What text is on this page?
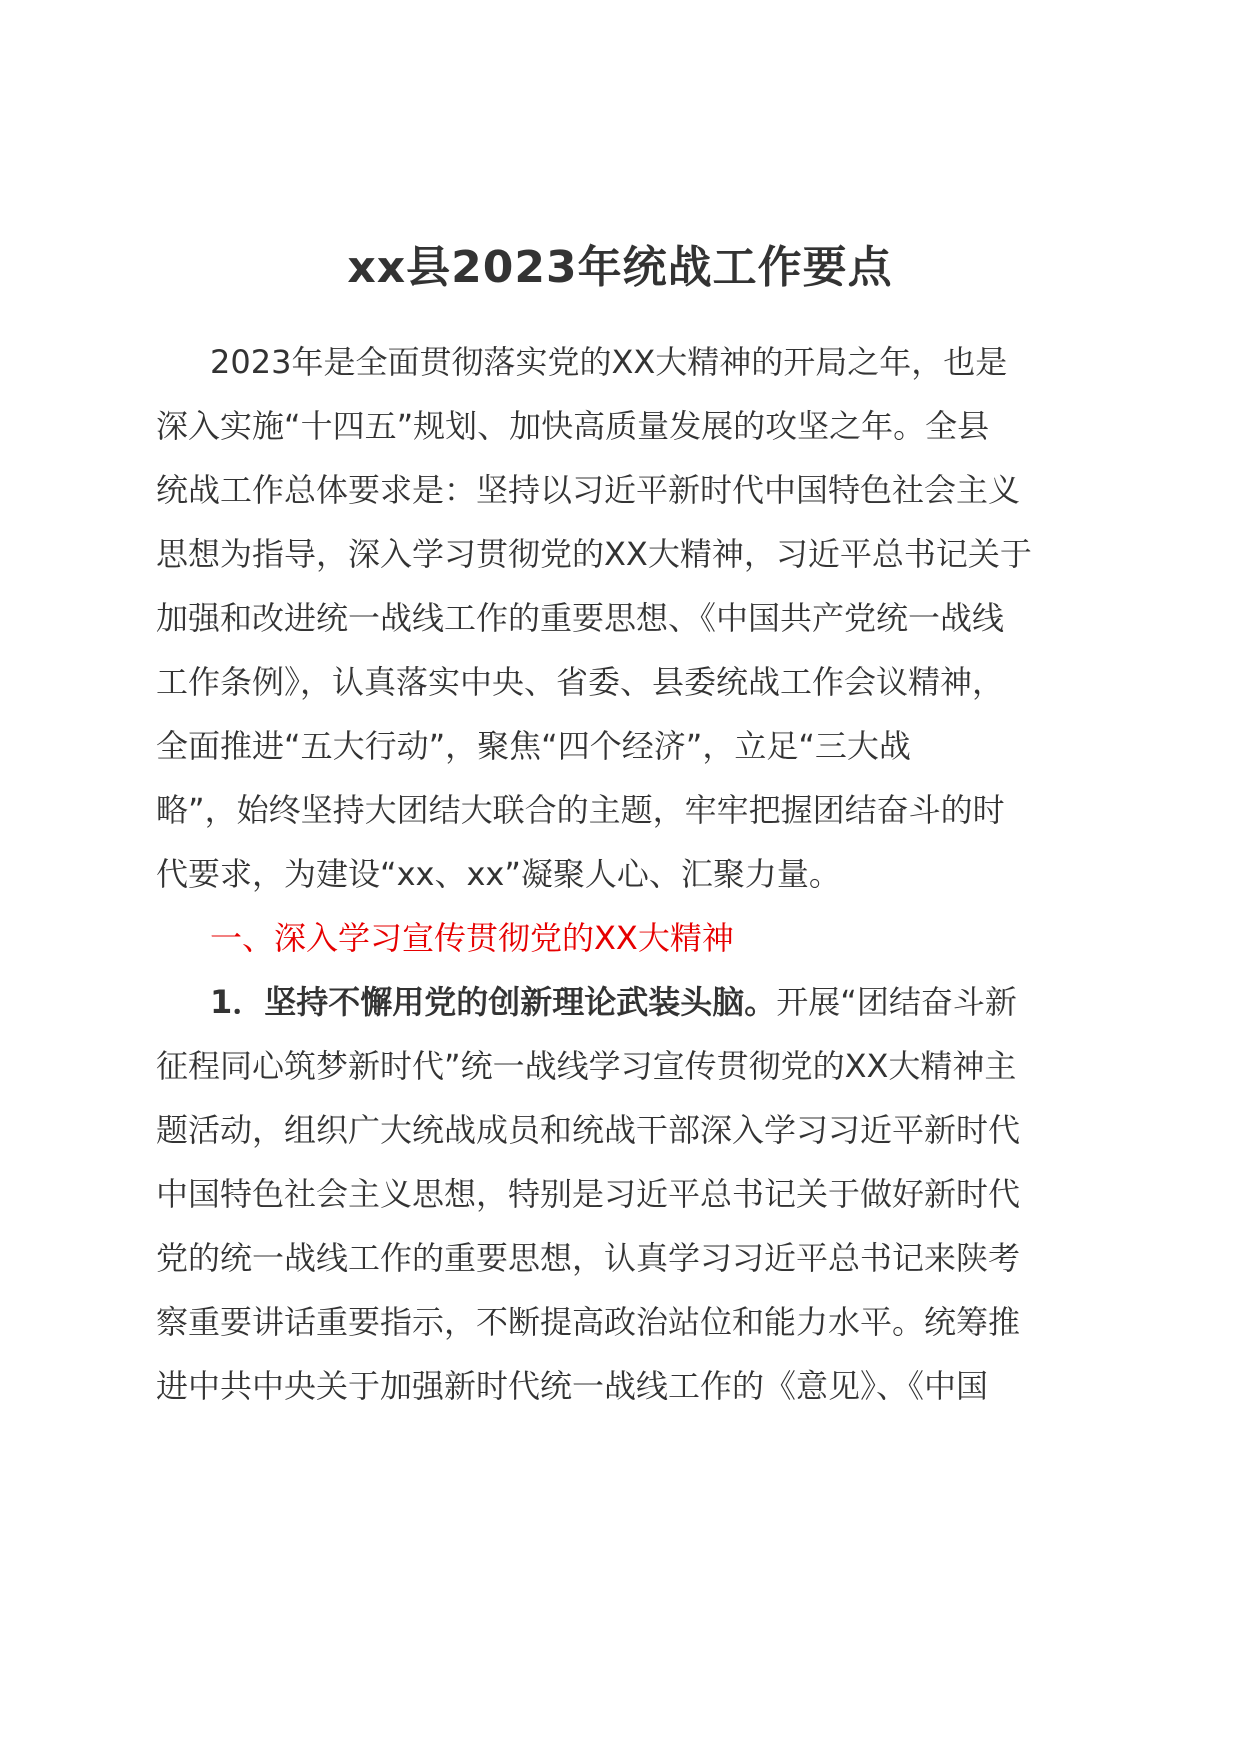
xx县2023年统战工作要点
2023年是全面贯彻落实党的XX大精神的开局之年，也是
深入实施“十四五”规划、加快高质量发展的攻坚之年。全县
统战工作总体要求是：坚持以习近平新时代中国特色社会主义
思想为指导，深入学习贯彻党的XX大精神，习近平总书记关于
加强和改进统一战线工作的重要思想、《中国共产党统一战线
工作条例》，认真落实中央、省委、县委统战工作会议精神，
全面推进“五大行动”，聚焦“四个经济”，立足“三大战
略”，始终坚持大团结大联合的主题，牢牢把握团结奋斗的时
代要求，为建设“xx、xx”凝聚人心、汇聚力量。
一、深入学习宣传贯彻党的XX大精神
1．坚持不懈用党的创新理论武装头脑。开展“团结奋斗新
征程同心筑梦新时代”统一战线学习宣传贯彻党的XX大精神主
题活动，组织广大统战成员和统战干部深入学习习近平新时代
中国特色社会主义思想，特别是习近平总书记关于做好新时代
党的统一战线工作的重要思想，认真学习习近平总书记来陕考
察重要讲话重要指示，不断提高政治站位和能力水平。统筹推
进中共中央关于加强新时代统一战线工作的《意见》、《中国
